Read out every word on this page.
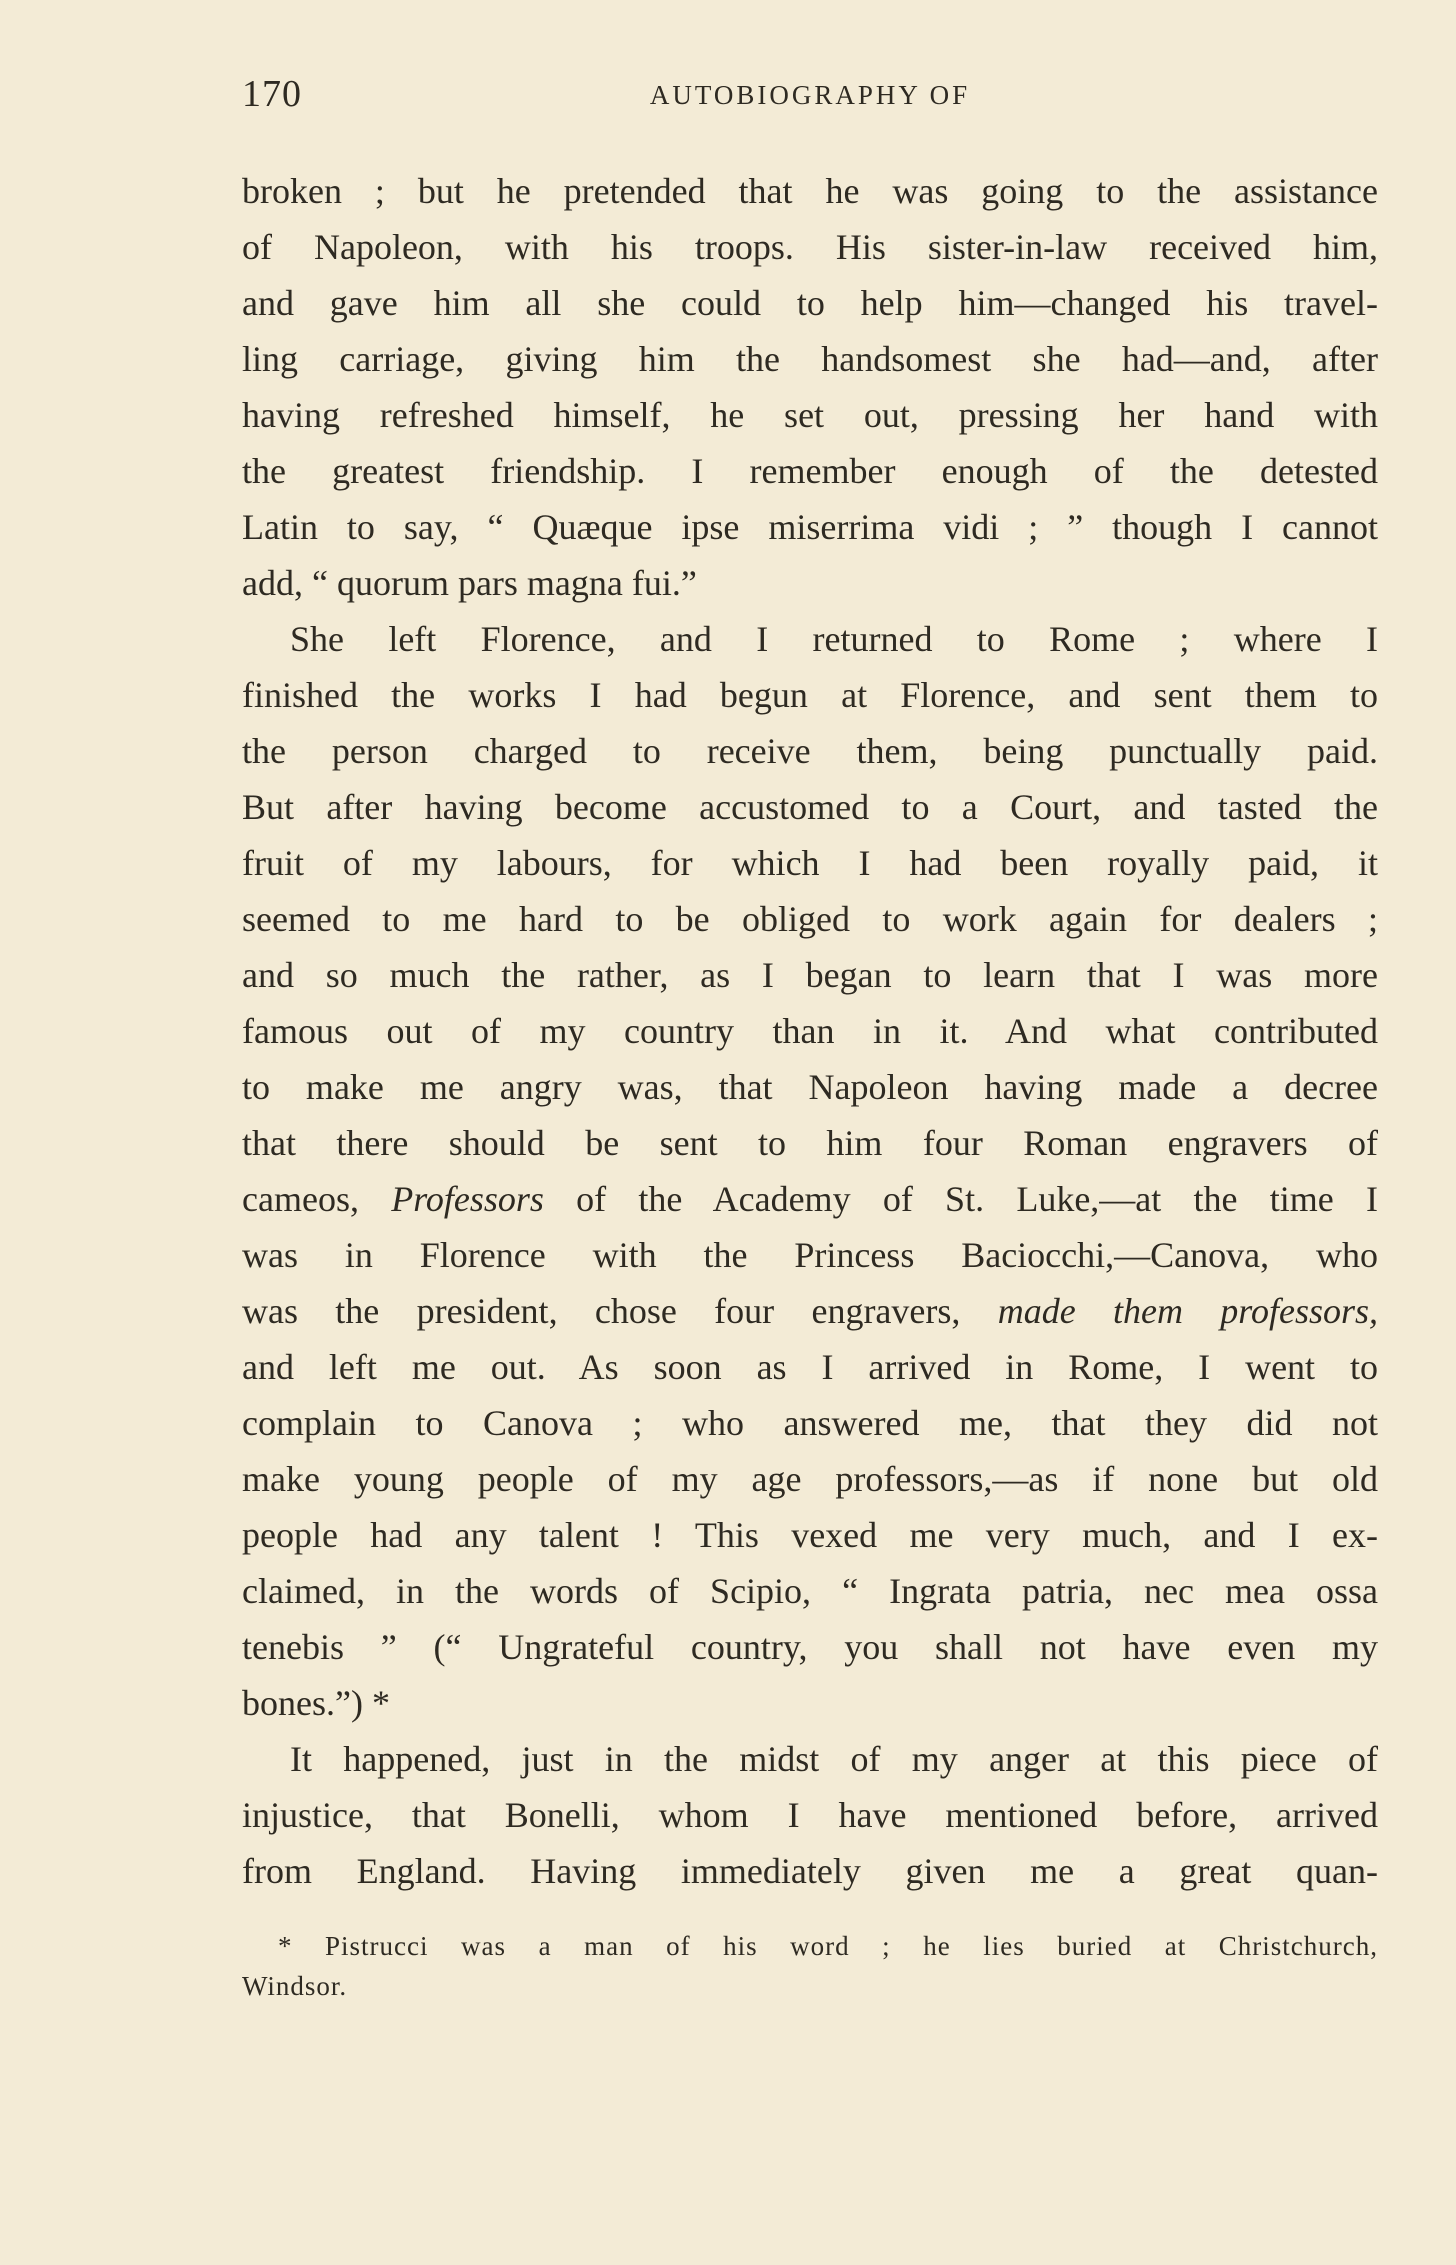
170	AUTOBIOGRAPHY OF
broken ; but he pretended that he was going to the assistance
of Napoleon, with his troops. His sister-in-law received him,
and gave him all she could to help him—changed his travel-
ling carriage, giving him the handsomest she had—and, after
having refreshed himself, he set out, pressing her hand with
the greatest friendship. I remember enough of the detested
Latin to say, “ Quæque ipse miserrima vidi ; ” though I cannot
add, “ quorum pars magna fui.”
She left Florence, and I returned to Rome ; where I
finished the works I had begun at Florence, and sent them to
the person charged to receive them, being punctually paid.
But after having become accustomed to a Court, and tasted the
fruit of my labours, for which I had been royally paid, it
seemed to me hard to be obliged to work again for dealers ;
and so much the rather, as I began to learn that I was more
famous out of my country than in it. And what contributed
to make me angry was, that Napoleon having made a decree
that there should be sent to him four Roman engravers of
cameos, Professors of the Academy of St. Luke,—at the time I
was in Florence with the Princess Baciocchi,—Canova, who
was the president, chose four engravers, made them professors,
and left me out. As soon as I arrived in Rome, I went to
complain to Canova ; who answered me, that they did not
make young people of my age professors,—as if none but old
people had any talent ! This vexed me very much, and I ex-
claimed, in the words of Scipio, “ Ingrata patria, nec mea ossa
tenebis ” (“ Ungrateful country, you shall not have even my
bones.”) *
It happened, just in the midst of my anger at this piece of
injustice, that Bonelli, whom I have mentioned before, arrived
from England. Having immediately given me a great quan-
* Pistrucci was a man of his word ; he lies buried at Christchurch,
Windsor.
